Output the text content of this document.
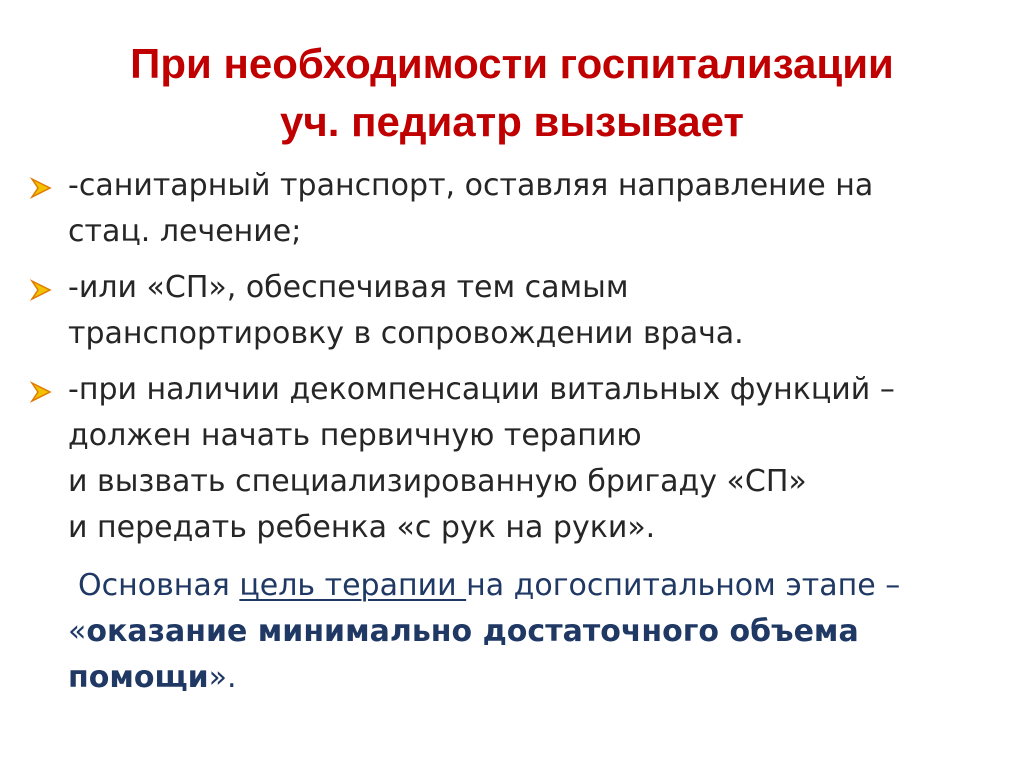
При необходимости госпитализации
уч. педиатр вызывает
-санитарный транспорт, оставляя направление на
стац. лечение;
-или «СП», обеспечивая тем самым
транспортировку в сопровождении врача.
-при наличии декомпенсации витальных функций –
должен начать первичную терапию
и вызвать специализированную бригаду «СП»
и передать ребенка «с рук на руки».
Основная цель терапии на догоспитальном этапе –
«оказание минимально достаточного объема
помощи».
